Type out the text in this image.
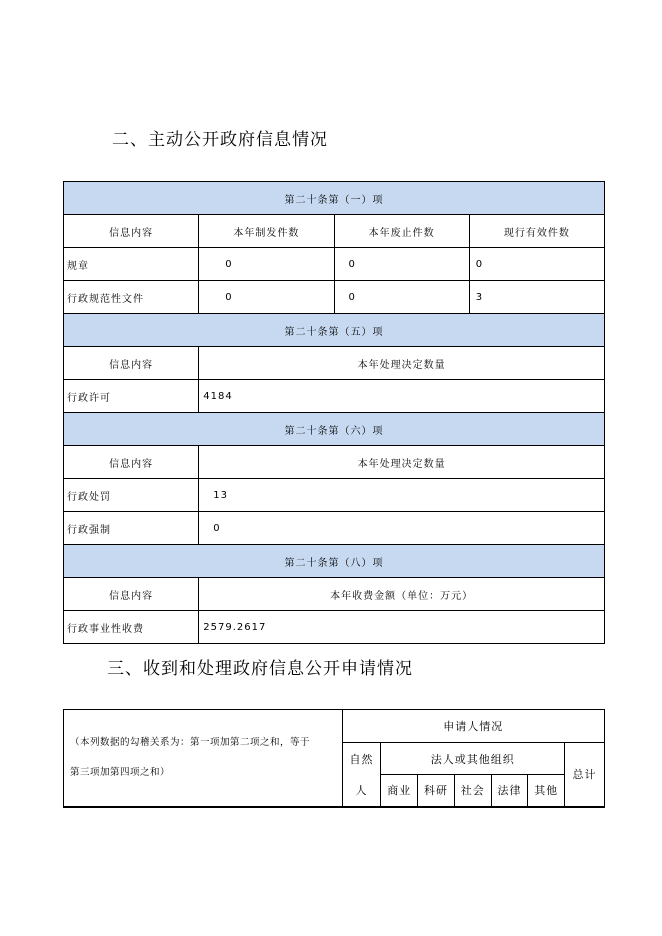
二、主动公开政府信息情况
第二十条第（一）项			
信息内容	本年制发件数	本年废止件数	现行有效件数
规章	0	0	0
行政规范性文件	0	0	3
第二十条第（五）项			
信息内容	本年处理决定数量		
行政许可	4184		
第二十条第（六）项			
信息内容	本年处理决定数量		
行政处罚	13		
行政强制	0		
第二十条第（八）项			
信息内容	本年收费金额（单位：万元）		
行政事业性收费	2579.2617		
三、收到和处理政府信息公开申请情况
（本列数据的勾稽关系为：第一项加第二项之和，等于
第三项加第四项之和）	申请人情况						
	自然	法人或其他组织					总计
	人	商业	科研	社会	法律	其他	
